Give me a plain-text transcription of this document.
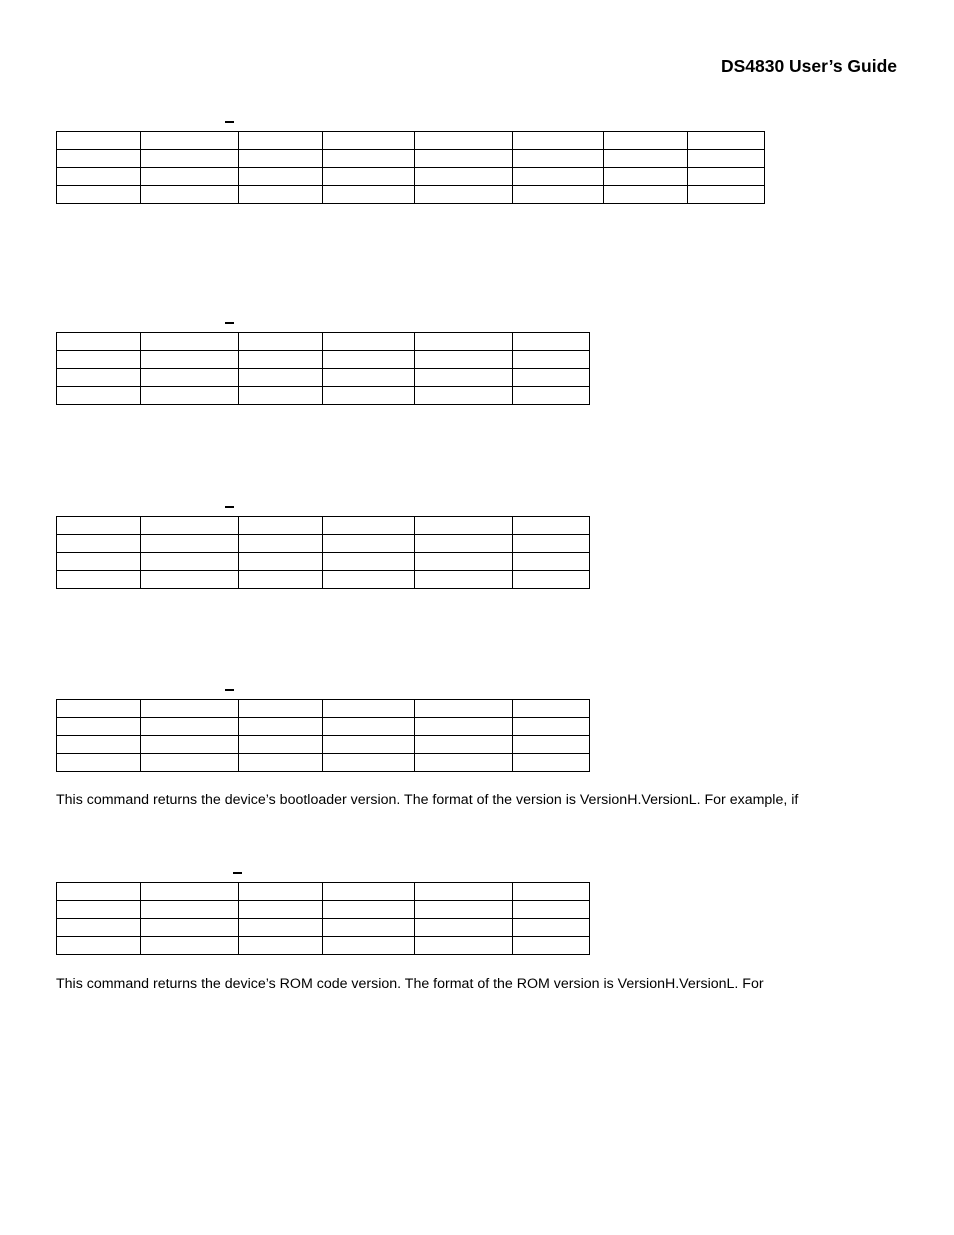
DS4830 User’s Guide

This command returns the device’s bootloader version. The format of the version is VersionH.VersionL. For example, if

This command returns the device’s ROM code version. The format of the ROM version is VersionH.VersionL. For
